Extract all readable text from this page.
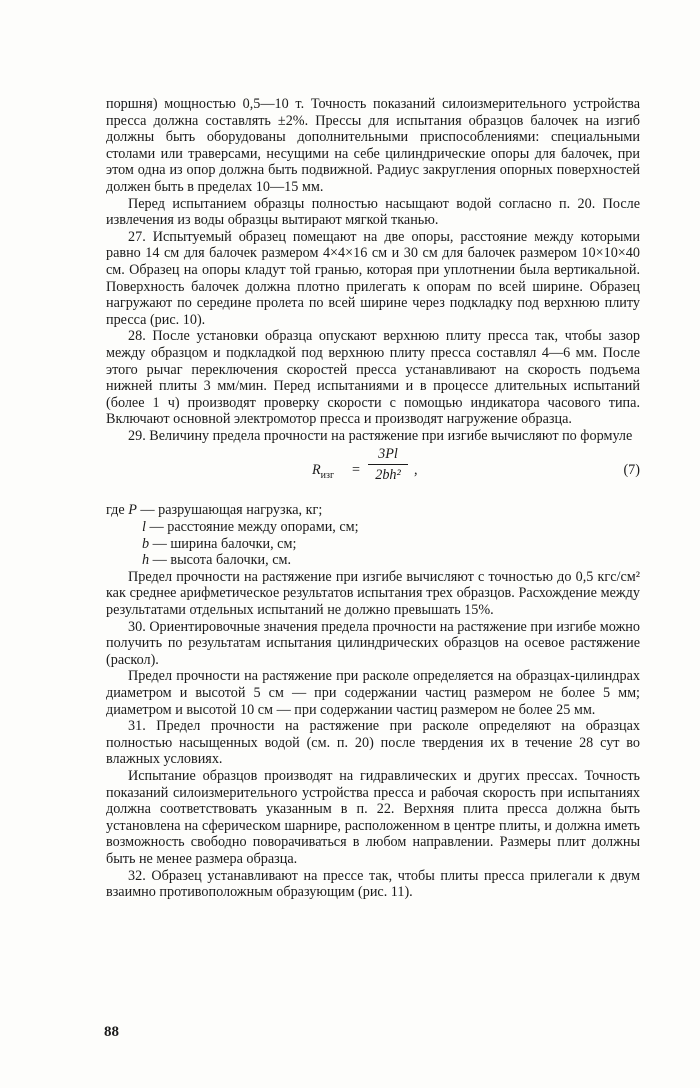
поршня) мощностью 0,5—10 т. Точность показаний силоизмерительного устройства пресса должна составлять ±2%. Прессы для испытания образцов балочек на изгиб должны быть оборудованы дополнительными приспособлениями: специальными столами или траверсами, несущими на себе цилиндрические опоры для балочек, при этом одна из опор должна быть подвижной. Радиус закругления опорных поверхностей должен быть в пределах 10—15 мм.

Перед испытанием образцы полностью насыщают водой согласно п. 20. После извлечения из воды образцы вытирают мягкой тканью.

27. Испытуемый образец помещают на две опоры, расстояние между которыми равно 14 см для балочек размером 4×4×16 см и 30 см для балочек размером 10×10×40 см. Образец на опоры кладут той гранью, которая при уплотнении была вертикальной. Поверхность балочек должна плотно прилегать к опорам по всей ширине. Образец нагружают по середине пролета по всей ширине через подкладку под верхнюю плиту пресса (рис. 10).

28. После установки образца опускают верхнюю плиту пресса так, чтобы зазор между образцом и подкладкой под верхнюю плиту пресса составлял 4—6 мм. После этого рычаг переключения скоростей пресса устанавливают на скорость подъема нижней плиты 3 мм/мин. Перед испытаниями и в процессе длительных испытаний (более 1 ч) производят проверку скорости с помощью индикатора часового типа. Включают основной электромотор пресса и производят нагружение образца.

29. Величину предела прочности на растяжение при изгибе вычисляют по формуле

$R_{изг} = \frac{3Pl}{\text{2bh²}}$ ,	(7)
где P — разрушающая нагрузка, кг;
l — расстояние между опорами, см;
b — ширина балочки, см;
h — высота балочки, см.

Предел прочности на растяжение при изгибе вычисляют с точностью до 0,5 кгс/см² как среднее арифметическое результатов испытания трех образцов. Расхождение между результатами отдельных испытаний не должно превышать 15%.

30. Ориентировочные значения предела прочности на растяжение при изгибе можно получить по результатам испытания цилиндрических образцов на осевое растяжение (раскол).

Предел прочности на растяжение при расколе определяется на образцах-цилиндрах диаметром и высотой 5 см — при содержании частиц размером не более 5 мм; диаметром и высотой 10 см — при содержании частиц размером не более 25 мм.

31. Предел прочности на растяжение при расколе определяют на образцах полностью насыщенных водой (см. п. 20) после твердения их в течение 28 сут во влажных условиях.

Испытание образцов производят на гидравлических и других прессах. Точность показаний силоизмерительного устройства пресса и рабочая скорость при испытаниях должна соответствовать указанным в п. 22. Верхняя плита пресса должна быть установлена на сферическом шарнире, расположенном в центре плиты, и должна иметь возможность свободно поворачиваться в любом направлении. Размеры плит должны быть не менее размера образца.

32. Образец устанавливают на прессе так, чтобы плиты пресса прилегали к двум взаимно противоположным образующим (рис. 11).

88
